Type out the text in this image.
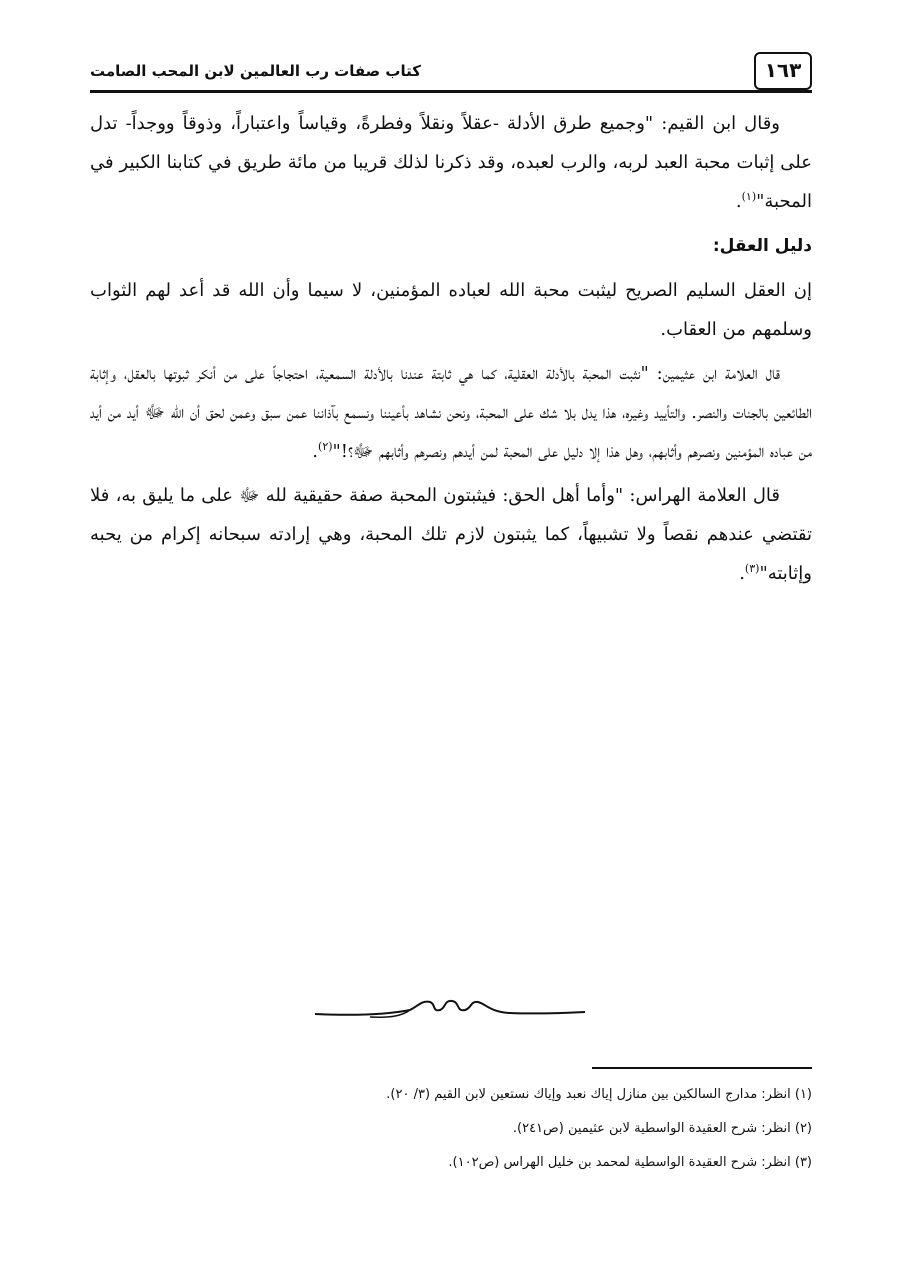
١٦٣
كتاب صفات رب العالمين لابن المحب الصامت

وقال ابن القيم: "وجميع طرق الأدلة -عقلاً ونقلاً وفطرةً، وقياساً واعتباراً، وذوقاً ووجداً- تدل على إثبات محبة العبد لربه، والرب لعبده، وقد ذكرنا لذلك قريبا من مائة طريق في كتابنا الكبير في المحبة"$^{(١)}$.

دليل العقل:

إن العقل السليم الصريح ليثبت محبة الله لعباده المؤمنين، لا سيما وأن الله قد أعد لهم الثواب وسلمهم من العقاب.

قال العلامة ابن عثيمين: "نثبت المحبة بالأدلة العقلية، كما هي ثابتة عندنا بالأدلة السمعية، احتجاجاً على من أنكر ثبوتها بالعقل، وإثابة الطائعين بالجنات والنصر. والتأييد وغيره، هذا يدل بلا شك على المحبة، ونحن نشاهد بأعيننا ونسمع بآذاننا عمن سبق وعمن لحق أن الله ﷻ أيد من أيد من عباده المؤمنين ونصرهم وأثابهم، وهل هذا إلا دليل على المحبة لمن أيدهم ونصرهم وأثابهم ﷻ؟!"$^{(٢)}$.

قال العلامة الهراس: "وأما أهل الحق: فيثبتون المحبة صفة حقيقية لله ﷻ على ما يليق به، فلا تقتضي عندهم نقصاً ولا تشبيهاً، كما يثبتون لازم تلك المحبة، وهي إرادته سبحانه إكرام من يحبه وإثابته"$^{(٣)}$.

(١) انظر: مدارج السالكين بين منازل إياك نعبد وإياك نستعين لابن القيم (٣/ ٢٠).
(٢) انظر: شرح العقيدة الواسطية لابن عثيمين (ص٢٤١).
(٣) انظر: شرح العقيدة الواسطية لمحمد بن خليل الهراس (ص١٠٢).
